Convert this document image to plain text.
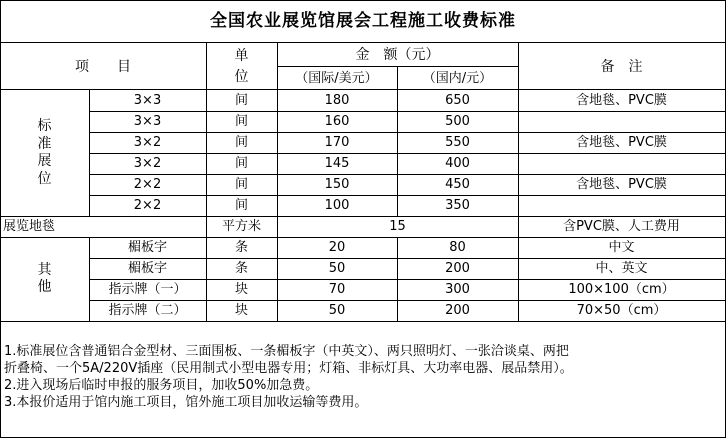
全国农业展览馆展会工程施工收费标准
项　　目
单
位
金　额（元）
（国际/美元）	（国内/元）
备　注
标
准
展
位
3×3	间	180	650	含地毯、PVC膜
3×3	间	160	500
3×2	间	170	550	含地毯、PVC膜
3×2	间	145	400
2×2	间	150	450	含地毯、PVC膜
2×2	间	100	350
展览地毯	平方米	15	含PVC膜、人工费用
其
他
楣板字	条	20	80	中文
楣板字	条	50	200	中、英文
指示牌（一）	块	70	300	100×100（cm）
指示牌（二）	块	50	200	70×50（cm）
1.标准展位含普通铝合金型材、三面围板、一条楣板字（中英文）、两只照明灯、一张洽谈桌、两把
折叠椅、一个5A/220V插座（民用制式小型电器专用；灯箱、非标灯具、大功率电器、展品禁用）。
2.进入现场后临时申报的服务项目，加收50%加急费。
3.本报价适用于馆内施工项目，馆外施工项目加收运输等费用。
